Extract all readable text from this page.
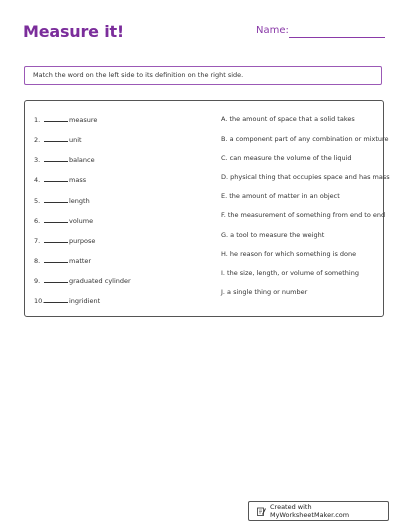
Measure it!	Name:
Match the word on the left side to its definition on the right side.
1.	measure
2.	unit
3.	balance
4.	mass
5.	length
6.	volume
7.	purpose
8.	matter
9.	graduated cylinder
10.	ingridient
A. the amount of space that a solid takes
B. a component part of any combination or mixture
C. can measure the volume of the liquid
D. physical thing that occupies space and has mass
E. the amount of matter in an object
F. the measurement of something from end to end
G. a tool to measure the weight
H. he reason for which something is done
I. the size, length, or volume of something
J. a single thing or number
Created with MyWorksheetMaker.com
